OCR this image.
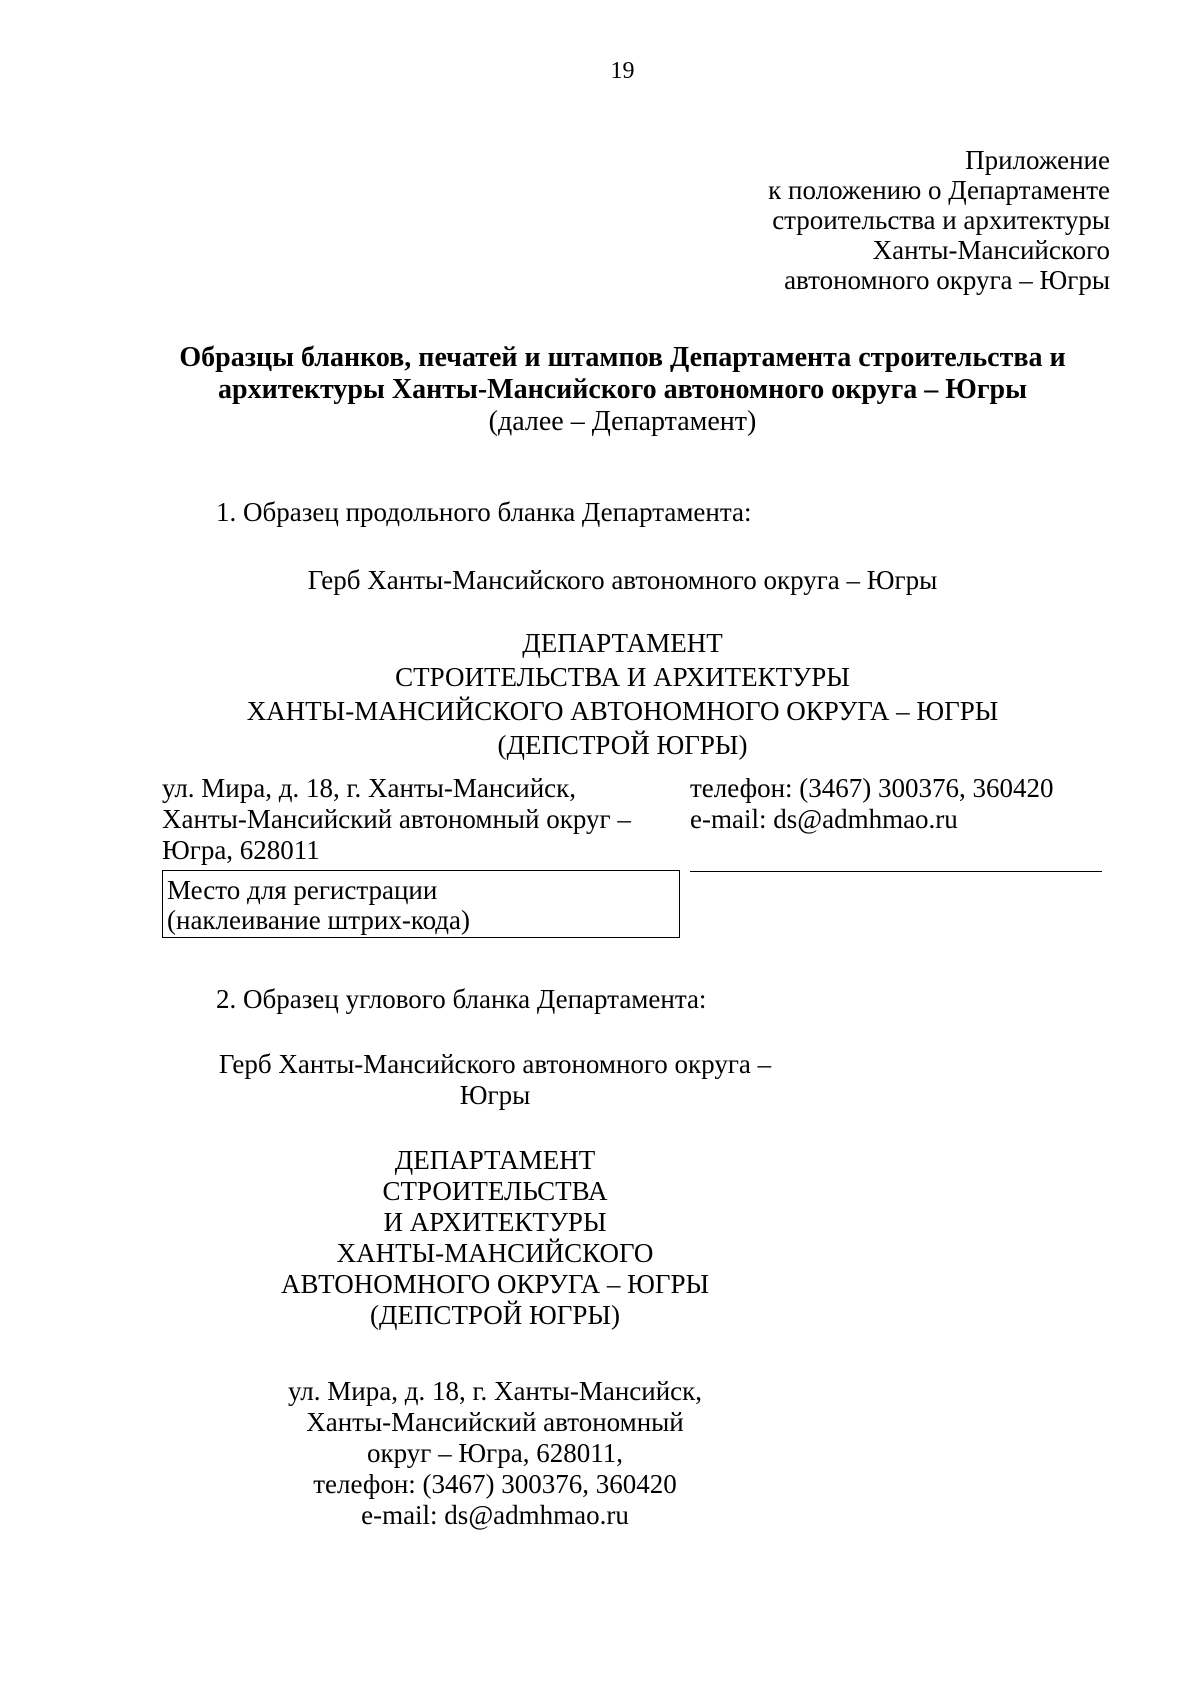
19
Приложение
к положению о Департаменте
строительства и архитектуры
Ханты-Мансийского
автономного округа – Югры
Образцы бланков, печатей и штампов Департамента строительства и
архитектуры Ханты-Мансийского автономного округа – Югры
(далее – Департамент)
1. Образец продольного бланка Департамента:
Герб Ханты-Мансийского автономного округа – Югры
ДЕПАРТАМЕНТ
СТРОИТЕЛЬСТВА И АРХИТЕКТУРЫ
ХАНТЫ-МАНСИЙСКОГО АВТОНОМНОГО ОКРУГА – ЮГРЫ
(ДЕПСТРОЙ ЮГРЫ)
ул. Мира, д. 18, г. Ханты-Мансийск,
Ханты-Мансийский автономный округ –
Югра, 628011
телефон: (3467) 300376, 360420
e-mail: ds@admhmao.ru
Место для регистрации
(наклеивание штрих-кода)
2. Образец углового бланка Департамента:
Герб Ханты-Мансийского автономного округа –
Югры
ДЕПАРТАМЕНТ
СТРОИТЕЛЬСТВА
И АРХИТЕКТУРЫ
ХАНТЫ-МАНСИЙСКОГО
АВТОНОМНОГО ОКРУГА – ЮГРЫ
(ДЕПСТРОЙ ЮГРЫ)
ул. Мира, д. 18, г. Ханты-Мансийск,
Ханты-Мансийский автономный
округ – Югра, 628011,
телефон: (3467) 300376, 360420
e-mail: ds@admhmao.ru
